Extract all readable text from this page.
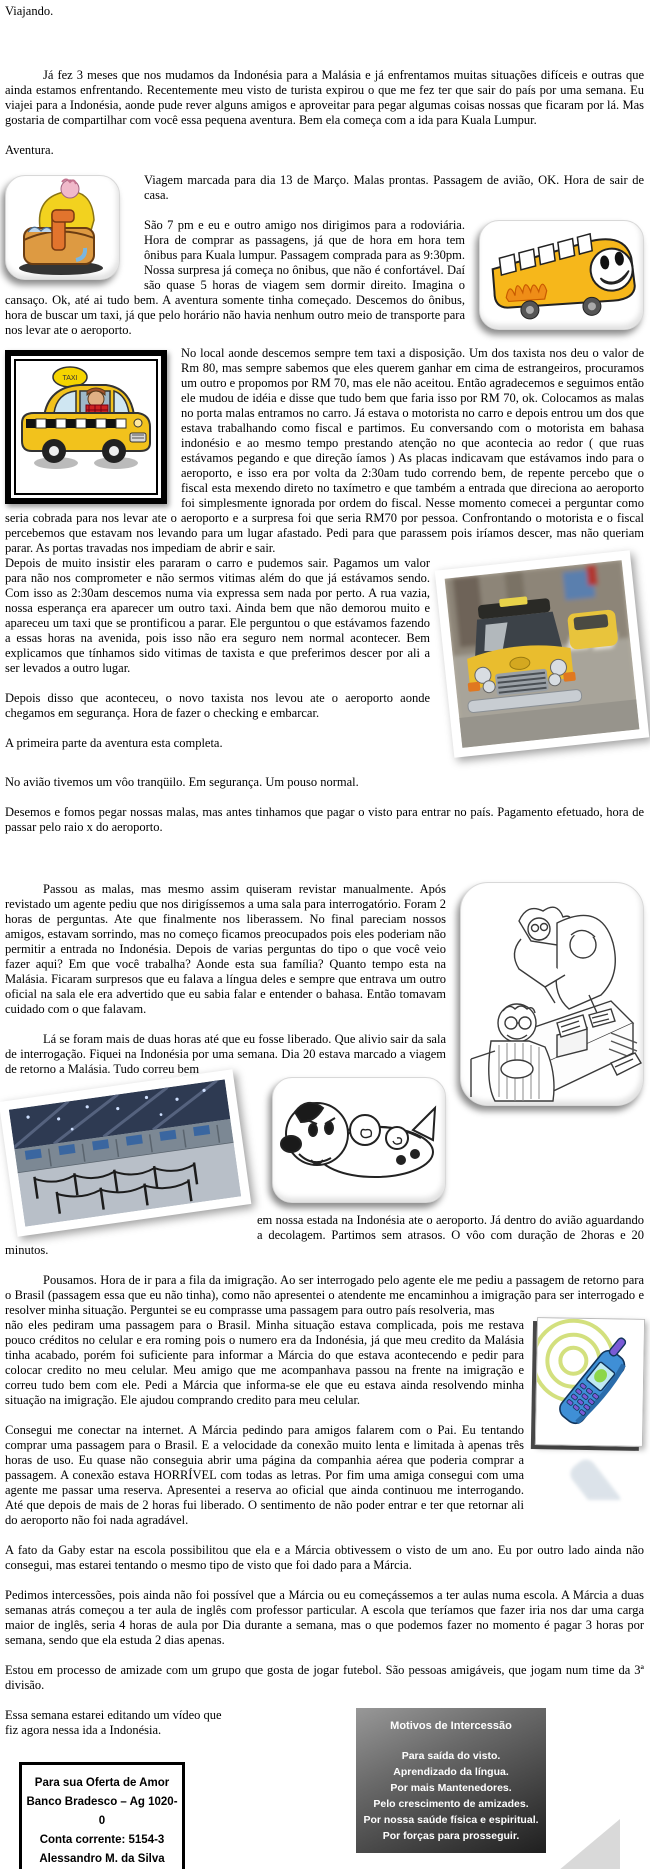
Viajando.

Já fez 3 meses que nos mudamos da Indonésia para a Malásia e já enfrentamos muitas situações difíceis e outras que ainda estamos enfrentando. Recentemente meu visto de turista expirou o que me fez ter que sair do país por uma semana. Eu viajei para a Indonésia, aonde pude rever alguns amigos e aproveitar para pegar algumas coisas nossas que ficaram por lá. Mas gostaria de compartilhar com você essa pequena aventura. Bem ela começa com a ida para Kuala Lumpur.

Aventura.

Viagem marcada para dia 13 de Março. Malas prontas. Passagem de avião, OK. Hora de sair de casa.

São 7 pm e eu e outro amigo nos dirigimos para a rodoviária. Hora de comprar as passagens, já que de hora em hora tem ônibus para Kuala lumpur. Passagem comprada para as 9:30pm. Nossa surpresa já começa no ônibus, que não é confortável. Daí são quase 5 horas de viagem sem dormir direito. Imagina o cansaço. Ok, até ai tudo bem. A aventura somente tinha começado. Descemos do ônibus, hora de buscar um taxi, já que pelo horário não havia nenhum outro meio de transporte para nos levar ate o aeroporto.

TAXI

No local aonde descemos sempre tem taxi a disposição. Um dos taxista nos deu o valor de Rm 80, mas sempre sabemos que eles querem ganhar em cima de estrangeiros, procuramos um outro e propomos por RM 70, mas ele não aceitou. Então agradecemos e seguimos então ele mudou de idéia e disse que tudo bem que faria isso por RM 70, ok. Colocamos as malas no porta malas entramos no carro. Já estava o motorista no carro e depois entrou um dos que estava trabalhando como fiscal e partimos. Eu conversando com o motorista em bahasa indonésio e ao mesmo tempo prestando atenção no que acontecia ao redor ( que ruas estávamos pegando e que direção íamos ) As placas indicavam que estávamos indo para o aeroporto, e isso era por volta da 2:30am tudo correndo bem, de repente percebo que o fiscal esta mexendo direto no taxímetro e que também a entrada que direciona ao aeroporto foi simplesmente ignorada por ordem do fiscal. Nesse momento comecei a perguntar como seria cobrada para nos levar ate o aeroporto e a surpresa foi que seria RM70 por pessoa. Confrontando o motorista e o fiscal percebemos que estavam nos levando para um lugar afastado. Pedi para que parassem pois iríamos descer, mas não queriam parar. As portas travadas nos impediam de abrir e sair.

Depois de muito insistir eles pararam o carro e pudemos sair. Pagamos um valor para não nos comprometer e não sermos vitimas além do que já estávamos sendo. Com isso as 2:30am descemos numa via expressa sem nada por perto. A rua vazia, nossa esperança era aparecer um outro taxi. Ainda bem que não demorou muito e apareceu um taxi que se prontificou a parar. Ele perguntou o que estávamos fazendo a essas horas na avenida, pois isso não era seguro nem normal acontecer. Bem explicamos que tínhamos sido vitimas de taxista e que preferimos descer por ali a ser levados a outro lugar.

Depois disso que aconteceu, o novo taxista nos levou ate o aeroporto aonde chegamos em segurança. Hora de fazer o checking e embarcar.

A primeira parte da aventura esta completa.

No avião tivemos um vôo tranqüilo. Em segurança. Um pouso normal.

Desemos e fomos pegar nossas malas, mas antes tinhamos que pagar o visto para entrar no país. Pagamento efetuado, hora de passar pelo raio x do aeroporto.

Passou as malas, mas mesmo assim quiseram revistar manualmente. Após revistado um agente pediu que nos dirigíssemos a uma sala para interrogatório. Foram 2 horas de perguntas. Ate que finalmente nos liberassem. No final pareciam nossos amigos, estavam sorrindo, mas no começo ficamos preocupados pois eles poderiam não permitir a entrada no Indonésia. Depois de varias perguntas do tipo o que você veio fazer aqui? Em que você trabalha? Aonde esta sua família? Quanto tempo esta na Malásia. Ficaram surpresos que eu falava a língua deles e sempre que entrava um outro oficial na sala ele era advertido que eu sabia falar e entender o bahasa. Então tomavam cuidado com o que falavam.

Lá se foram mais de duas horas até que eu fosse liberado. Que alivio sair da sala de interrogação. Fiquei na Indonésia por uma semana. Dia 20 estava marcado a viagem de retorno a Malásia. Tudo correu bem

em nossa estada na Indonésia ate o aeroporto. Já dentro do avião aguardando a decolagem. Partimos sem atrasos. O vôo com duração de 2horas e 20 minutos.

Pousamos. Hora de ir para a fila da imigração. Ao ser interrogado pelo agente ele me pediu a passagem de retorno para o Brasil (passagem essa que eu não tinha), como não apresentei o atendente me encaminhou a imigração para ser interrogado e resolver minha situação. Perguntei se eu comprasse uma passagem para outro país resolveria, mas

não eles pediram uma passagem para o Brasil. Minha situação estava complicada, pois me restava pouco créditos no celular e era roming pois o numero era da Indonésia, já que meu credito da Malásia tinha acabado, porém foi suficiente para informar a Márcia do que estava acontecendo e pedir para colocar credito no meu celular. Meu amigo que me acompanhava passou na frente na imigração e correu tudo bem com ele. Pedi a Márcia que informa-se ele que eu estava ainda resolvendo minha situação na imigração. Ele ajudou comprando credito para meu celular.

Consegui me conectar na internet. A Márcia pedindo para amigos falarem com o Pai. Eu tentando comprar uma passagem para o Brasil. E a velocidade da conexão muito lenta e limitada à apenas três horas de uso. Eu quase não conseguia abrir uma página da companhia aérea que poderia comprar a passagem. A conexão estava HORRÍVEL com todas as letras. Por fim uma amiga consegui com uma agente me passar uma reserva. Apresentei a reserva ao oficial que ainda continuou me interrogando. Até que depois de mais de 2 horas fui liberado. O sentimento de não poder entrar e ter que retornar ali do aeroporto não foi nada agradável.

A fato da Gaby estar na escola possibilitou que ela e a Márcia obtivessem o visto de um ano. Eu por outro lado ainda não consegui, mas estarei tentando o mesmo tipo de visto que foi dado para a Márcia.

Pedimos intercessões, pois ainda não foi possível que a Márcia ou eu começássemos a ter aulas numa escola. A Márcia a duas semanas atrás começou a ter aula de inglês com professor particular. A escola que teríamos que fazer iria nos dar uma carga maior de inglês, seria 4 horas de aula por Dia durante a semana, mas o que podemos fazer no momento é pagar 3 horas por semana, sendo que ela estuda 2 dias apenas.

Estou em processo de amizade com um grupo que gosta de jogar futebol. São pessoas amigáveis, que jogam num time da 3ª divisão.

Essa semana estarei editando um vídeo que fiz agora nessa ida a Indonésia.

Para sua Oferta de Amor
Banco Bradesco – Ag 1020-0
Conta corrente: 5154-3
Alessandro M. da Silva
Motivos de Intercessão
Para saída do visto.
Aprendizado da língua.
Por mais Mantenedores.
Pelo crescimento de amizades.
Por nossa saúde física e espiritual.
Por forças para prosseguir.
